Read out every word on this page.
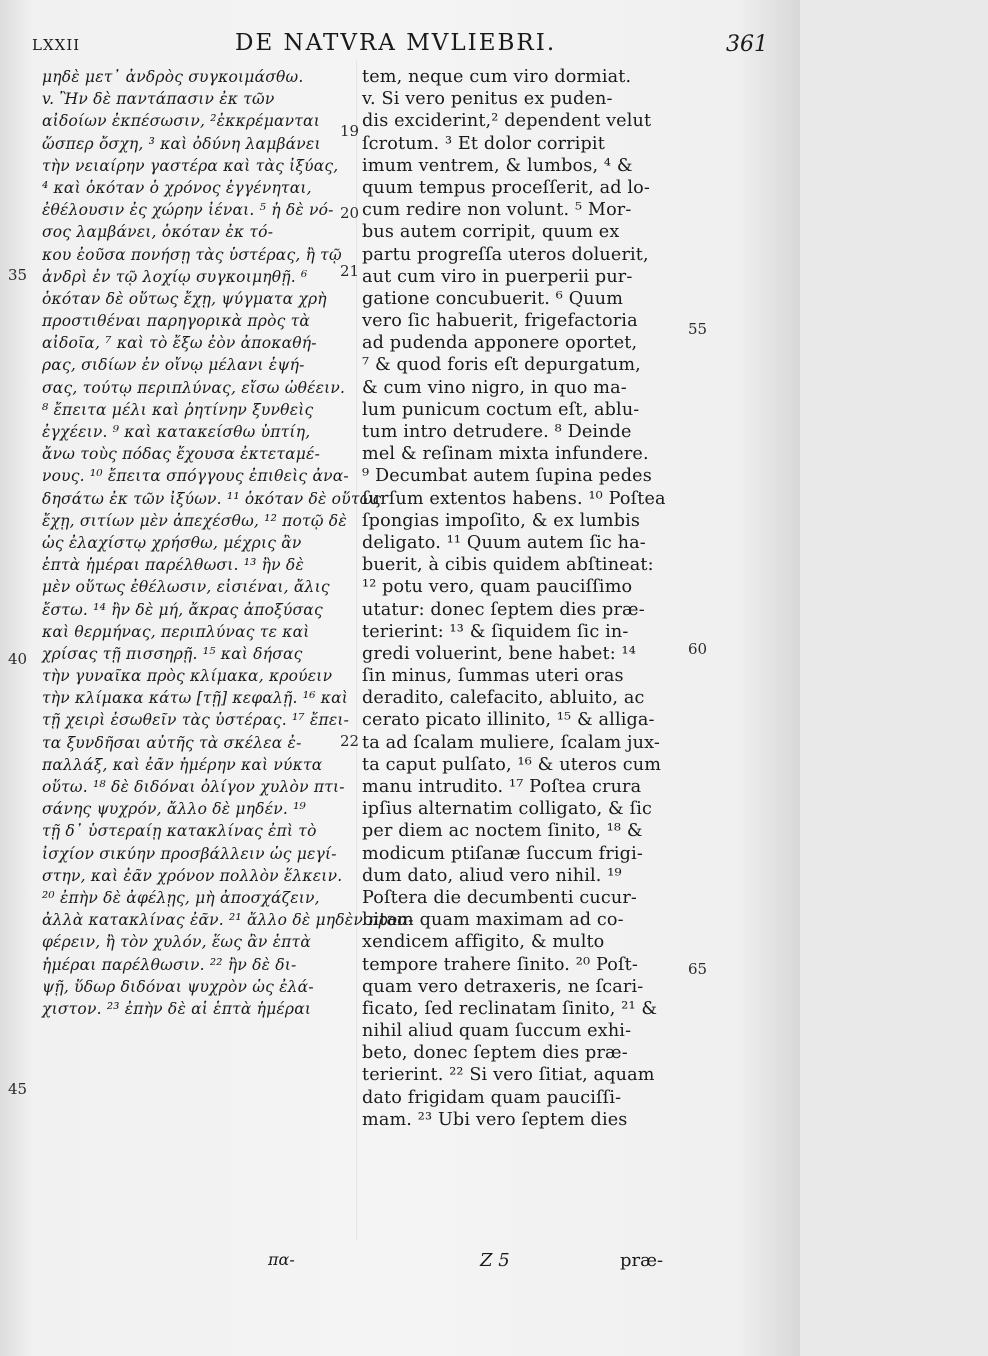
LXXII	DE NATVRA MVLIEBRI.	361
μηδὲ μετ᾽ ἀνδρὸς συγκοιμάσθω.
v. Ἢν δὲ παντάπασιν ἐκ τῶν
αἰδοίων ἐκπέσωσιν, ²ἐκκρέμανται
ὥσπερ ὄσχη, ³ καὶ ὀδύνη λαμβάνει
τὴν νειαίρην γαστέρα καὶ τὰς ἰξύας,
⁴ καὶ ὁκόταν ὁ χρόνος ἐγγένηται,
ἐθέλουσιν ἐς χώρην ἰέναι. ⁵ ἡ δὲ νό-
σος λαμβάνει, ὁκόταν ἐκ τό-
κου ἐοῦσα πονήσῃ τὰς ὑστέρας, ἢ τῷ
ἀνδρὶ ἐν τῷ λοχίῳ συγκοιμηθῇ. ⁶
ὁκόταν δὲ οὕτως ἔχῃ, ψύγματα χρὴ
προστιθέναι παρηγορικὰ πρὸς τὰ
αἰδοῖα, ⁷ καὶ τὸ ἔξω ἐὸν ἀποκαθή-
ρας, σιδίων ἐν οἴνῳ μέλανι ἑψή-
σας, τούτῳ περιπλύνας, εἴσω ὠθέειν.
⁸ ἔπειτα μέλι καὶ ῥητίνην ξυνθεὶς
ἐγχέειν. ⁹ καὶ κατακείσθω ὑπτίη,
ἄνω τοὺς πόδας ἔχουσα ἐκτεταμέ-
νους. ¹⁰ ἔπειτα σπόγγους ἐπιθεὶς ἀνα-
δησάτω ἐκ τῶν ἰξύων. ¹¹ ὁκόταν δὲ οὕτως
ἔχῃ, σιτίων μὲν ἀπεχέσθω, ¹² ποτῷ δὲ
ὡς ἐλαχίστῳ χρήσθω, μέχρις ἂν
ἑπτὰ ἡμέραι παρέλθωσι. ¹³ ἢν δὲ
μὲν οὕτως ἐθέλωσιν, εἰσιέναι, ἄλις
ἔστω. ¹⁴ ἢν δὲ μή, ἄκρας ἀποξύσας
καὶ θερμήνας, περιπλύνας τε καὶ
χρίσας τῇ πισσηρῇ. ¹⁵ καὶ δήσας
τὴν γυναῖκα πρὸς κλίμακα, κρούειν
τὴν κλίμακα κάτω [τῇ] κεφαλῇ. ¹⁶ καὶ
τῇ χειρὶ ἐσωθεῖν τὰς ὑστέρας. ¹⁷ ἔπει-
τα ξυνδῆσαι αὐτῆς τὰ σκέλεα ἐ-
παλλάξ, καὶ ἐᾶν ἡμέρην καὶ νύκτα
οὕτω. ¹⁸ δὲ διδόναι ὀλίγον χυλὸν πτι-
σάνης ψυχρόν, ἄλλο δὲ μηδέν. ¹⁹
τῇ δ᾽ ὑστεραίῃ κατακλίνας ἐπὶ τὸ
ἰσχίον σικύην προσβάλλειν ὡς μεγί-
στην, καὶ ἐᾶν χρόνον πολλὸν ἕλκειν.
²⁰ ἐπὴν δὲ ἀφέλῃς, μὴ ἀποσχάζειν,
ἀλλὰ κατακλίνας ἐᾶν. ²¹ ἄλλο δὲ μηδὲν προσ-
φέρειν, ἢ τὸν χυλόν, ἕως ἂν ἑπτὰ
ἡμέραι παρέλθωσιν. ²² ἢν δὲ δι-
ψῇ, ὕδωρ διδόναι ψυχρὸν ὡς ἐλά-
χιστον. ²³ ἐπὴν δὲ αἱ ἑπτὰ ἡμέραι
tem, neque cum viro dormiat.
v. Si vero penitus ex puden-
dis exciderint,² dependent velut
ſcrotum. ³ Et dolor corripit
imum ventrem, & lumbos, ⁴ &
quum tempus proceſſerit, ad lo-
cum redire non volunt. ⁵ Mor-
bus autem corripit, quum ex
partu progreſſa uteros doluerit,
aut cum viro in puerperii pur-
gatione concubuerit. ⁶ Quum
vero ſic habuerit, frigefactoria
ad pudenda apponere oportet,
⁷ & quod foris eſt depurgatum,
& cum vino nigro, in quo ma-
lum punicum coctum eſt, ablu-
tum intro detrudere. ⁸ Deinde
mel & reſinam mixta infundere.
⁹ Decumbat autem ſupina pedes
ſurſum extentos habens. ¹⁰ Poſtea
ſpongias impoſito, & ex lumbis
deligato. ¹¹ Quum autem ſic ha-
buerit, à cibis quidem abſtineat:
¹² potu vero, quam pauciſſimo
utatur: donec ſeptem dies præ-
terierint: ¹³ & ſiquidem ſic in-
gredi voluerint, bene habet: ¹⁴
ſin minus, ſummas uteri oras
deradito, calefacito, abluito, ac
cerato picato illinito, ¹⁵ & alliga-
ta ad ſcalam muliere, ſcalam jux-
ta caput pulſato, ¹⁶ & uteros cum
manu intrudito. ¹⁷ Poſtea crura
ipſius alternatim colligato, & ſic
per diem ac noctem ſinito, ¹⁸ &
modicum ptiſanæ ſuccum frigi-
dum dato, aliud vero nihil. ¹⁹
Poſtera die decumbenti cucur-
bitam quam maximam ad co-
xendicem affigito, & multo
tempore trahere ſinito. ²⁰ Poſt-
quam vero detraxeris, ne ſcari-
ficato, ſed reclinatam ſinito, ²¹ &
nihil aliud quam ſuccum exhi-
beto, donec ſeptem dies præ-
terierint. ²² Si vero ſitiat, aquam
dato frigidam quam pauciſſi-
mam. ²³ Ubi vero ſeptem dies
35
40
45
19
20
21
22
55
60
65
πα-	Z 5	præ-
